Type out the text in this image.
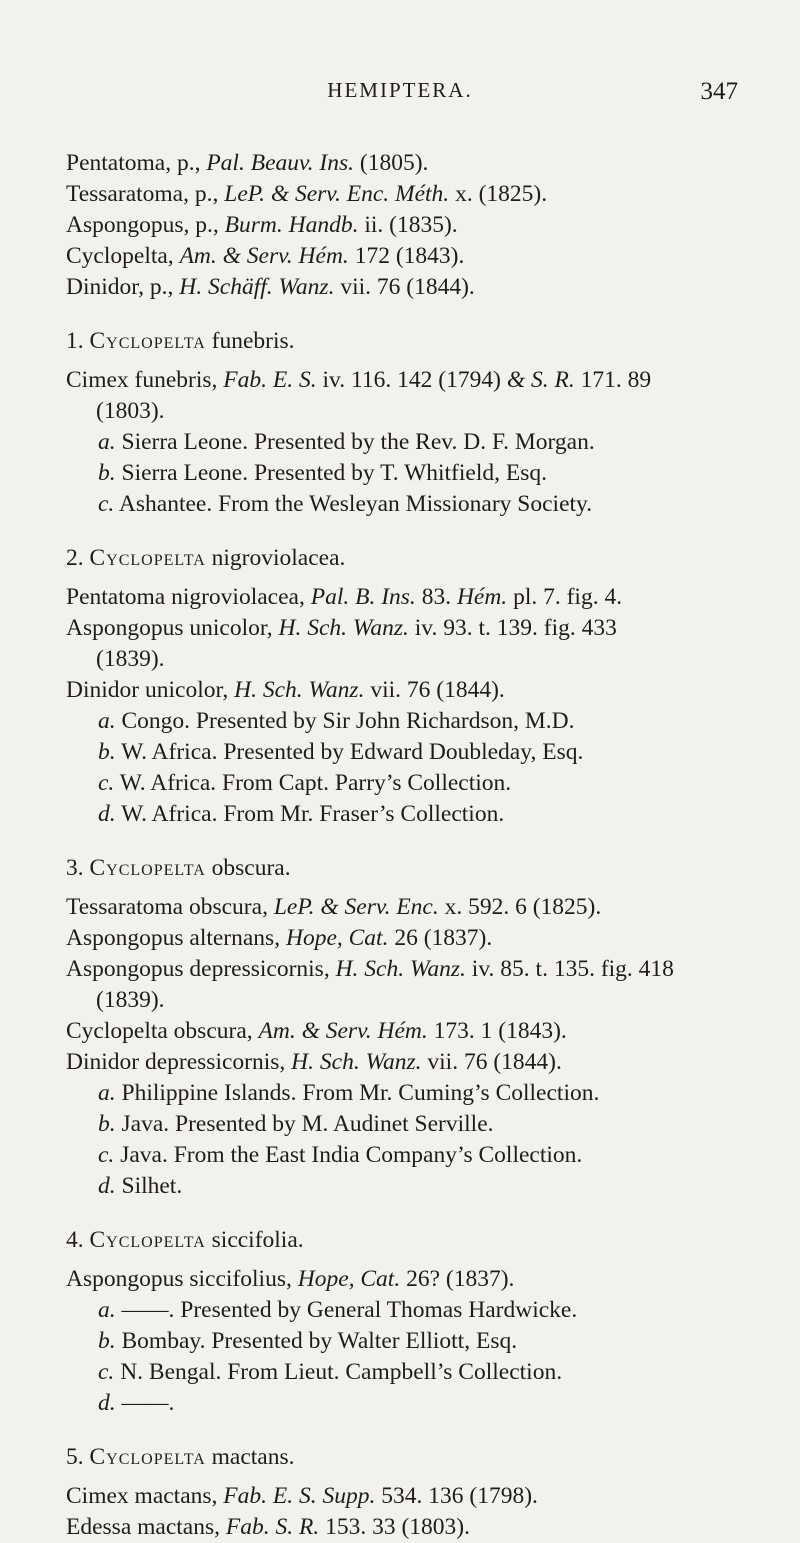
HEMIPTERA.	347
Pentatoma, p., Pal. Beauv. Ins. (1805).
Tessaratoma, p., LeP. & Serv. Enc. Méth. x. (1825).
Aspongopus, p., Burm. Handb. ii. (1835).
Cyclopelta, Am. & Serv. Hém. 172 (1843).
Dinidor, p., H. Schäff. Wanz. vii. 76 (1844).
1. Cyclopelta funebris.
Cimex funebris, Fab. E. S. iv. 116. 142 (1794) & S. R. 171. 89
(1803).
a. Sierra Leone. Presented by the Rev. D. F. Morgan.
b. Sierra Leone. Presented by T. Whitfield, Esq.
c. Ashantee. From the Wesleyan Missionary Society.
2. Cyclopelta nigroviolacea.
Pentatoma nigroviolacea, Pal. B. Ins. 83. Hém. pl. 7. fig. 4.
Aspongopus unicolor, H. Sch. Wanz. iv. 93. t. 139. fig. 433
(1839).
Dinidor unicolor, H. Sch. Wanz. vii. 76 (1844).
a. Congo. Presented by Sir John Richardson, M.D.
b. W. Africa. Presented by Edward Doubleday, Esq.
c. W. Africa. From Capt. Parry’s Collection.
d. W. Africa. From Mr. Fraser’s Collection.
3. Cyclopelta obscura.
Tessaratoma obscura, LeP. & Serv. Enc. x. 592. 6 (1825).
Aspongopus alternans, Hope, Cat. 26 (1837).
Aspongopus depressicornis, H. Sch. Wanz. iv. 85. t. 135. fig. 418
(1839).
Cyclopelta obscura, Am. & Serv. Hém. 173. 1 (1843).
Dinidor depressicornis, H. Sch. Wanz. vii. 76 (1844).
a. Philippine Islands. From Mr. Cuming’s Collection.
b. Java. Presented by M. Audinet Serville.
c. Java. From the East India Company’s Collection.
d. Silhet.
4. Cyclopelta siccifolia.
Aspongopus siccifolius, Hope, Cat. 26? (1837).
a. ——. Presented by General Thomas Hardwicke.
b. Bombay. Presented by Walter Elliott, Esq.
c. N. Bengal. From Lieut. Campbell’s Collection.
d. ——.
5. Cyclopelta mactans.
Cimex mactans, Fab. E. S. Supp. 534. 136 (1798).
Edessa mactans, Fab. S. R. 153. 33 (1803).
